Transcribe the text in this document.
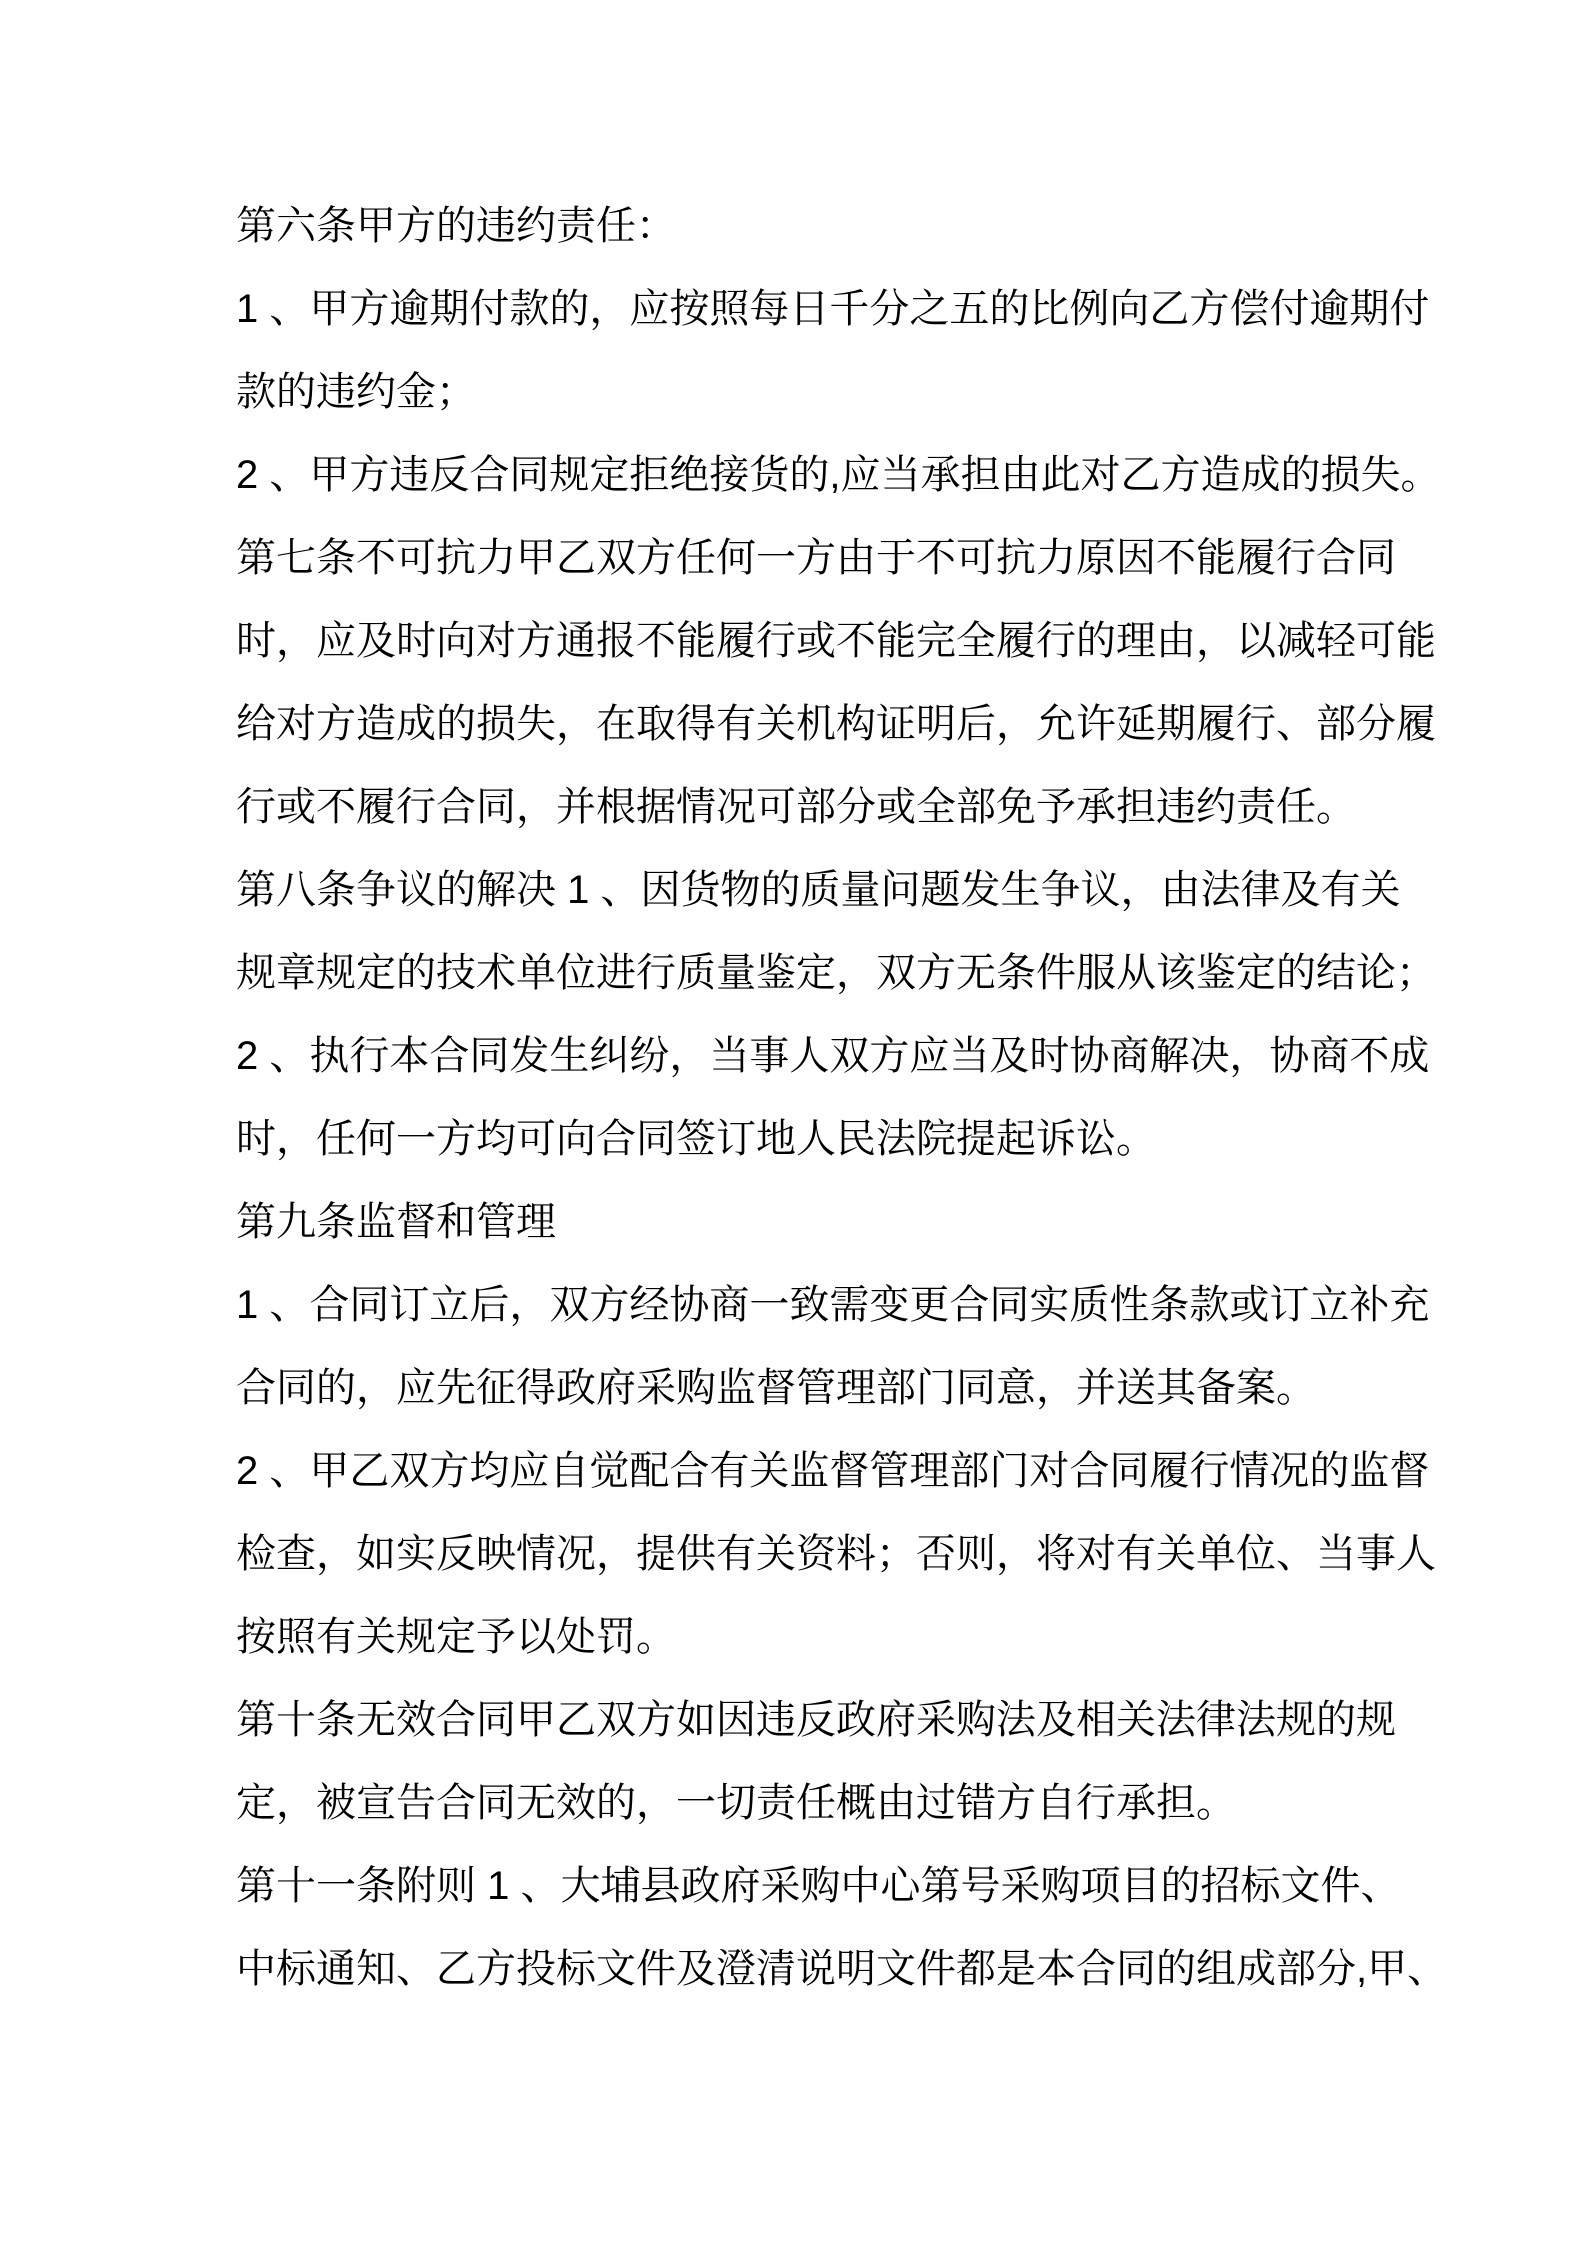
第六条甲方的违约责任：
1 、甲方逾期付款的，应按照每日千分之五的比例向乙方偿付逾期付
款的违约金；
2 、甲方违反合同规定拒绝接货的,应当承担由此对乙方造成的损失。
第七条不可抗力甲乙双方任何一方由于不可抗力原因不能履行合同
时，应及时向对方通报不能履行或不能完全履行的理由，以减轻可能
给对方造成的损失，在取得有关机构证明后，允许延期履行、部分履
行或不履行合同，并根据情况可部分或全部免予承担违约责任。
第八条争议的解决 1 、因货物的质量问题发生争议，由法律及有关
规章规定的技术单位进行质量鉴定，双方无条件服从该鉴定的结论；
2 、执行本合同发生纠纷，当事人双方应当及时协商解决，协商不成
时，任何一方均可向合同签订地人民法院提起诉讼。
第九条监督和管理
1 、合同订立后，双方经协商一致需变更合同实质性条款或订立补充
合同的，应先征得政府采购监督管理部门同意，并送其备案。
2 、甲乙双方均应自觉配合有关监督管理部门对合同履行情况的监督
检查，如实反映情况，提供有关资料；否则，将对有关单位、当事人
按照有关规定予以处罚。
第十条无效合同甲乙双方如因违反政府采购法及相关法律法规的规
定，被宣告合同无效的，一切责任概由过错方自行承担。
第十一条附则 1 、大埔县政府采购中心第号采购项目的招标文件、
中标通知、乙方投标文件及澄清说明文件都是本合同的组成部分,甲、
